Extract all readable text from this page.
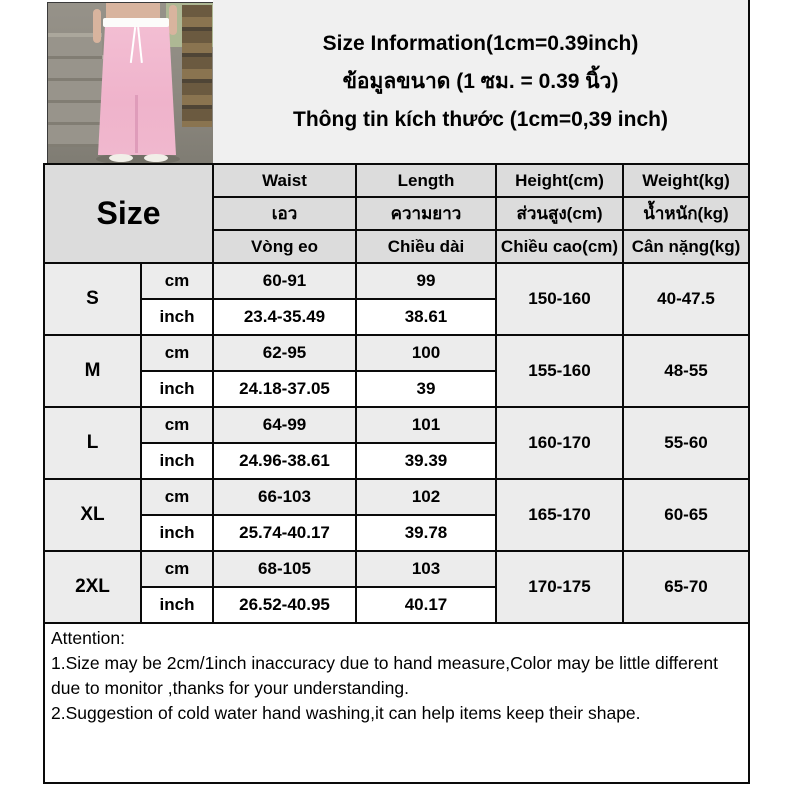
Size Information(1cm=0.39inch)
ข้อมูลขนาด (1 ซม. = 0.39 นิ้ว)
Thông tin kích thước (1cm=0,39 inch)
Size		Waist	Length	Height(cm)	Weight(kg)
		เอว	ความยาว	ส่วนสูง(cm)	น้ำหนัก(kg)
		Vòng eo	Chiều dài	Chiều cao(cm)	Cân nặng(kg)
S	cm	60-91	99	150-160	40-47.5
	inch	23.4-35.49	38.61		
M	cm	62-95	100	155-160	48-55
	inch	24.18-37.05	39		
L	cm	64-99	101	160-170	55-60
	inch	24.96-38.61	39.39		
XL	cm	66-103	102	165-170	60-65
	inch	25.74-40.17	39.78		
2XL	cm	68-105	103	170-175	65-70
	inch	26.52-40.95	40.17		
Attention:
1.Size may be 2cm/1inch inaccuracy due to hand measure,Color may be little different due to monitor ,thanks for your understanding.
2.Suggestion of cold water hand washing,it can help items keep their shape.
